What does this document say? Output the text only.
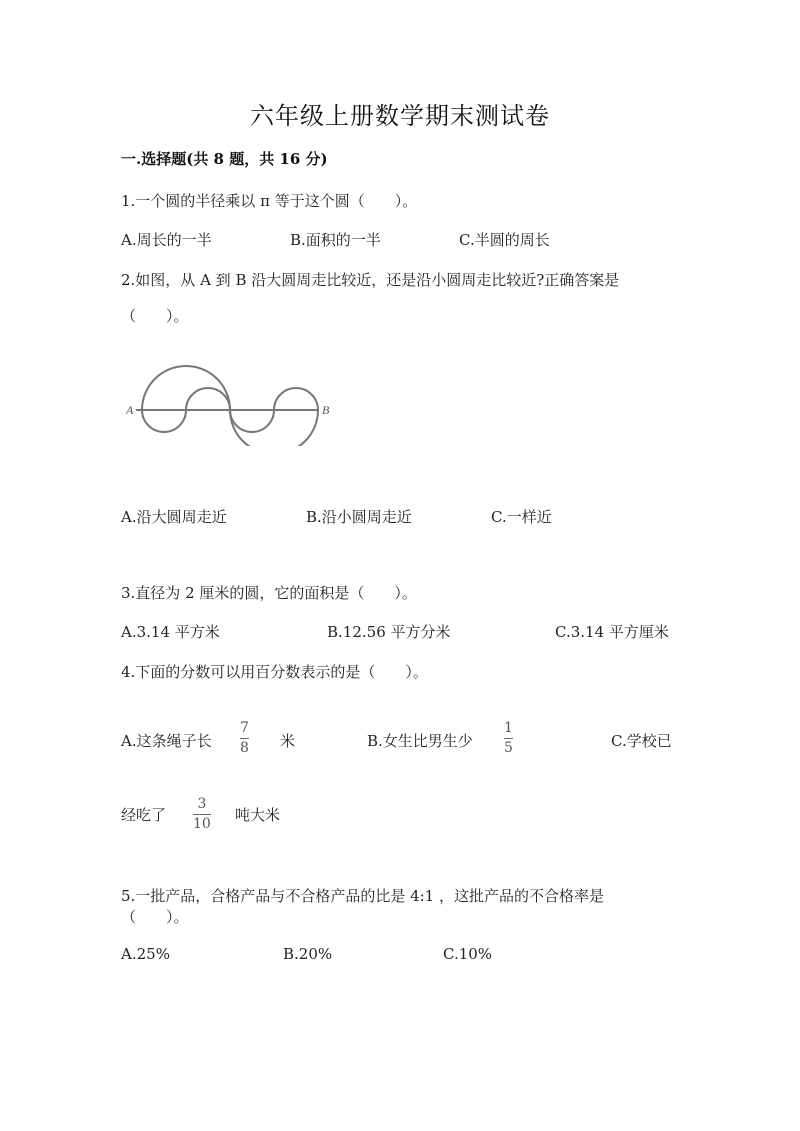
六年级上册数学期末测试卷
一.选择题(共 8 题，共 16 分)
1.一个圆的半径乘以 π 等于这个圆（　　）。
A.周长的一半	B.面积的一半	C.半圆的周长
2.如图，从 A 到 B 沿大圆周走比较近，还是沿小圆周走比较近?正确答案是
（　　）。
A	B
A.沿大圆周走近	B.沿小圆周走近	C.一样近
3.直径为 2 厘米的圆，它的面积是（　　）。
A.3.14 平方米	B.12.56 平方分米	C.3.14 平方厘米
4.下面的分数可以用百分数表示的是（　　）。
A.这条绳子长
7
8 米	B.女生比男生少
1
5	C.学校已
经吃了
3
10 吨大米
5.一批产品，合格产品与不合格产品的比是 4:1 ，这批产品的不合格率是
（　　）。
A.25%	B.20%	C.10%
